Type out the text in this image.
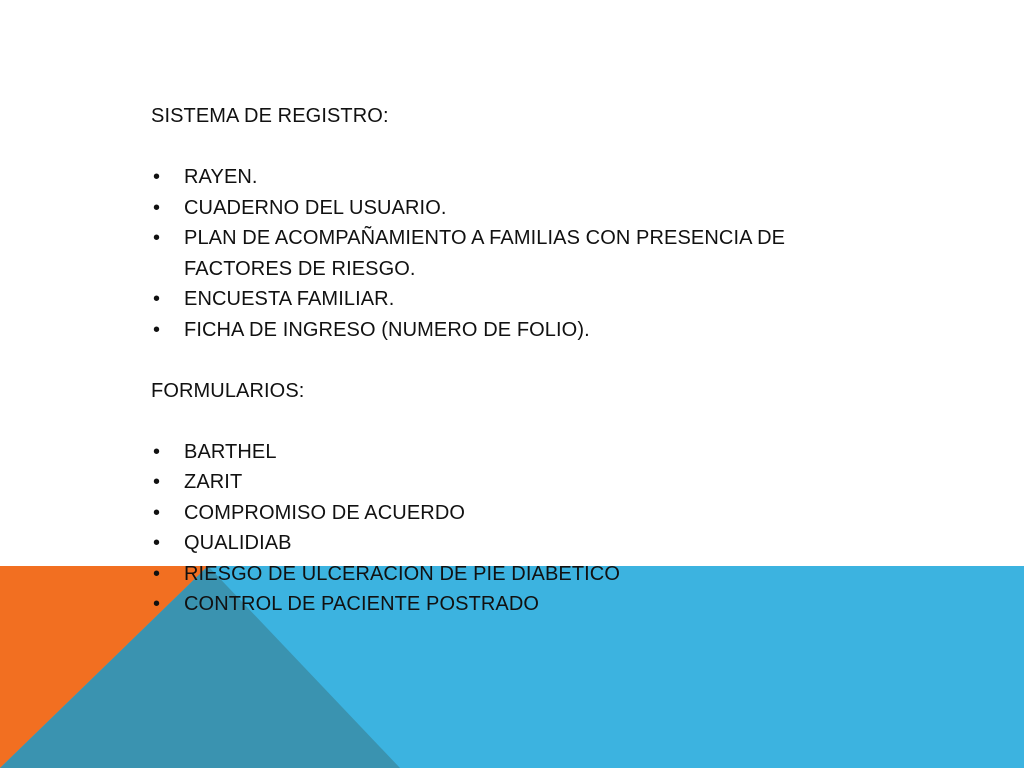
SISTEMA DE REGISTRO:

• RAYEN.
• CUADERNO DEL USUARIO.
• PLAN DE ACOMPAÑAMIENTO A FAMILIAS CON PRESENCIA DE FACTORES DE RIESGO.
• ENCUESTA FAMILIAR.
• FICHA DE INGRESO (NUMERO DE FOLIO).

FORMULARIOS:

• BARTHEL
• ZARIT
• COMPROMISO DE ACUERDO
• QUALIDIAB
• RIESGO DE ULCERACION DE PIE DIABETICO
• CONTROL DE PACIENTE POSTRADO
